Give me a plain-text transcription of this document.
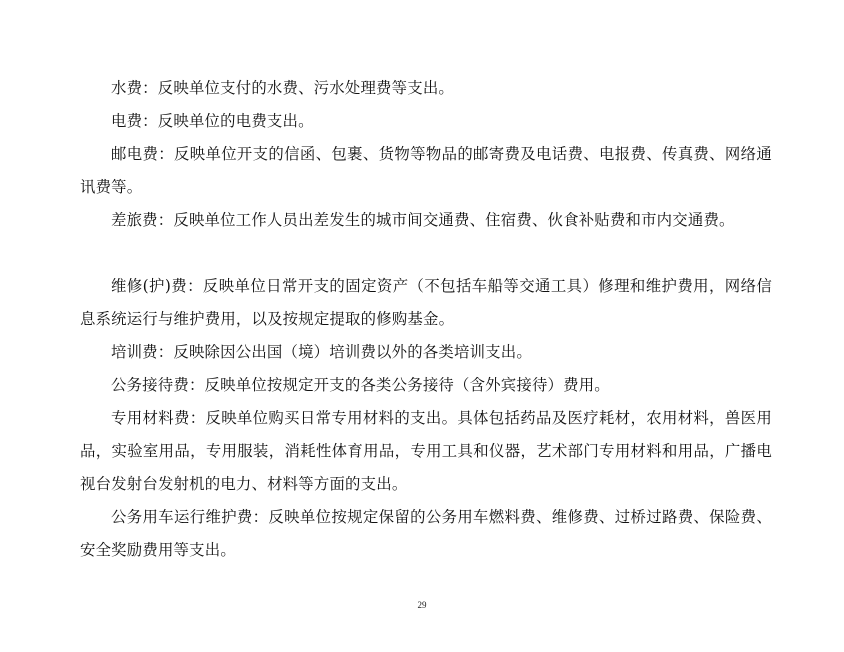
水费：反映单位支付的水费、污水处理费等支出。

电费：反映单位的电费支出。

邮电费：反映单位开支的信函、包裹、货物等物品的邮寄费及电话费、电报费、传真费、网络通讯费等。

差旅费：反映单位工作人员出差发生的城市间交通费、住宿费、伙食补贴费和市内交通费。

维修(护)费：反映单位日常开支的固定资产（不包括车船等交通工具）修理和维护费用，网络信息系统运行与维护费用，以及按规定提取的修购基金。

培训费：反映除因公出国（境）培训费以外的各类培训支出。

公务接待费：反映单位按规定开支的各类公务接待（含外宾接待）费用。

专用材料费：反映单位购买日常专用材料的支出。具体包括药品及医疗耗材，农用材料，兽医用品，实验室用品，专用服装，消耗性体育用品，专用工具和仪器，艺术部门专用材料和用品，广播电视台发射台发射机的电力、材料等方面的支出。

公务用车运行维护费：反映单位按规定保留的公务用车燃料费、维修费、过桥过路费、保险费、安全奖励费用等支出。

29
